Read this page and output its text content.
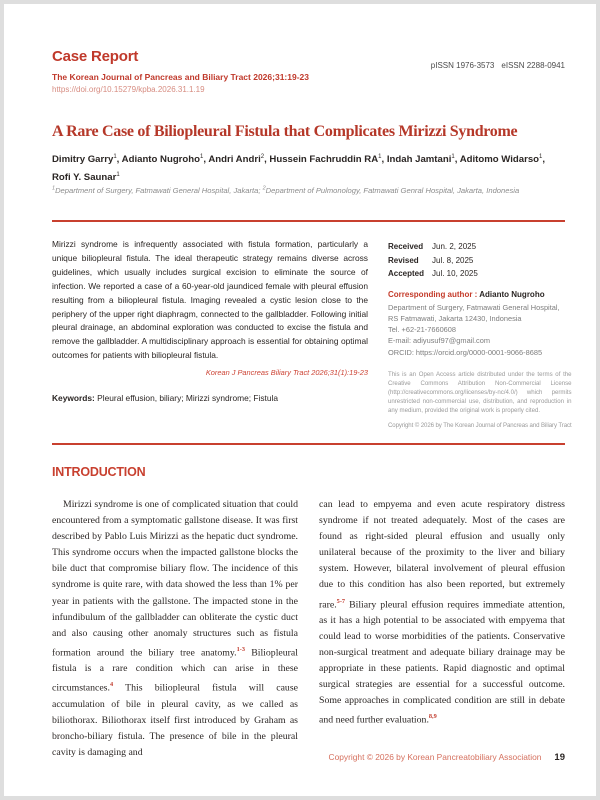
Case Report
pISSN 1976-3573 eISSN 2288-0941
The Korean Journal of Pancreas and Biliary Tract 2026;31:19-23
https://doi.org/10.15279/kpba.2026.31.1.19
A Rare Case of Biliopleural Fistula that Complicates Mirizzi Syndrome
Dimitry Garry$^1$, Adianto Nugroho$^1$, Andri Andri$^2$, Hussein Fachruddin $RA^1$, Indah Jamtani$^1$, Aditomo Widarso$^1$,
Rofi Y. Saunar$^1$
$^1$Department of Surgery, Fatmawati General Hospital, Jakarta; $^2$Department of Pulmonology, Fatmawati Genral Hospital, Jakarta, Indonesia
Mirizzi syndrome is infrequently associated with fistula formation, particularly a unique biliopleural fistula. The ideal therapeutic strategy remains diverse across guidelines, which usually includes surgical excision to eliminate the source of infection. We reported a case of a 60-year-old jaundiced female with pleural effusion resulting from a biliopleural fistula. Imaging revealed a cystic lesion close to the periphery of the upper right diaphragm, connected to the gallbladder. Following initial pleural drainage, an abdominal exploration was conducted to excise the fistula and remove the gallbladder. A multidisciplinary approach is essential for obtaining optimal outcomes for patients with biliopleural fistula.
Korean J Pancreas Biliary Tract 2026;31(1):19-23
Keywords: Pleural effusion, biliary; Mirizzi syndrome; Fistula
Received	Jun. 2, 2025
Revised	Jul. 8, 2025
Accepted Jul. 10, 2025
Corresponding author : Adianto Nugroho
Department of Surgery, Fatmawati General Hospital,
RS Fatmawati, Jakarta 12430, Indonesia
Tel. +62-21-7660608
E-mail: adiyusuf97@gmail.com
ORCID: https://orcid.org/0000-0001-9066-8685
This is an Open Access article distributed under the terms of the Creative Commons Attribution Non-Commercial License (http://creativecommons.org/licenses/by-nc/4.0/) which permits unrestricted non-commercial use, distribution, and reproduction in any medium, provided the original work is properly cited.
Copyright © 2026 by The Korean Journal of Pancreas and Biliary Tract
INTRODUCTION
Mirizzi syndrome is one of complicated situation that could encountered from a symptomatic gallstone disease. It was first described by Pablo Luis Mirizzi as the hepatic duct syndrome. This syndrome occurs when the impacted gallstone blocks the bile duct that compromise biliary flow. The incidence of this syndrome is quite rare, with data showed the less than 1% per year in patients with the gallstone. The impacted stone in the infundibulum of the gallbladder can obliterate the cystic duct and also causing other anomaly structures such as fistula formation around the biliary tree anatomy.$^{1-3}$ Biliopleural fistula is a rare condition which can arise in these circumstances.$^4$ This biliopleural fistula will cause accumulation of bile in pleural cavity, as we called as biliothorax. Biliothorax itself first introduced by Graham as broncho-biliary fistula. The presence of bile in the pleural cavity is damaging and
can lead to empyema and even acute respiratory distress syndrome if not treated adequately. Most of the cases are found as right-sided pleural effusion and usually only unilateral because of the proximity to the liver and biliary system. However, bilateral involvement of pleural effusion due to this condition has also been reported, but extremely rare.$^{5-7}$ Biliary pleural effusion requires immediate attention, as it has a high potential to be associated with empyema that could lead to worse morbidities of the patients. Conservative non-surgical treatment and adequate biliary drainage may be appropriate in these patients. Rapid diagnostic and optimal surgical strategies are essential for a successful outcome. Some approaches in complicated condition are still in debate and need further evaluation.$^{8,9}$
Copyright © 2026 by Korean Pancreatobiliary Association 19
